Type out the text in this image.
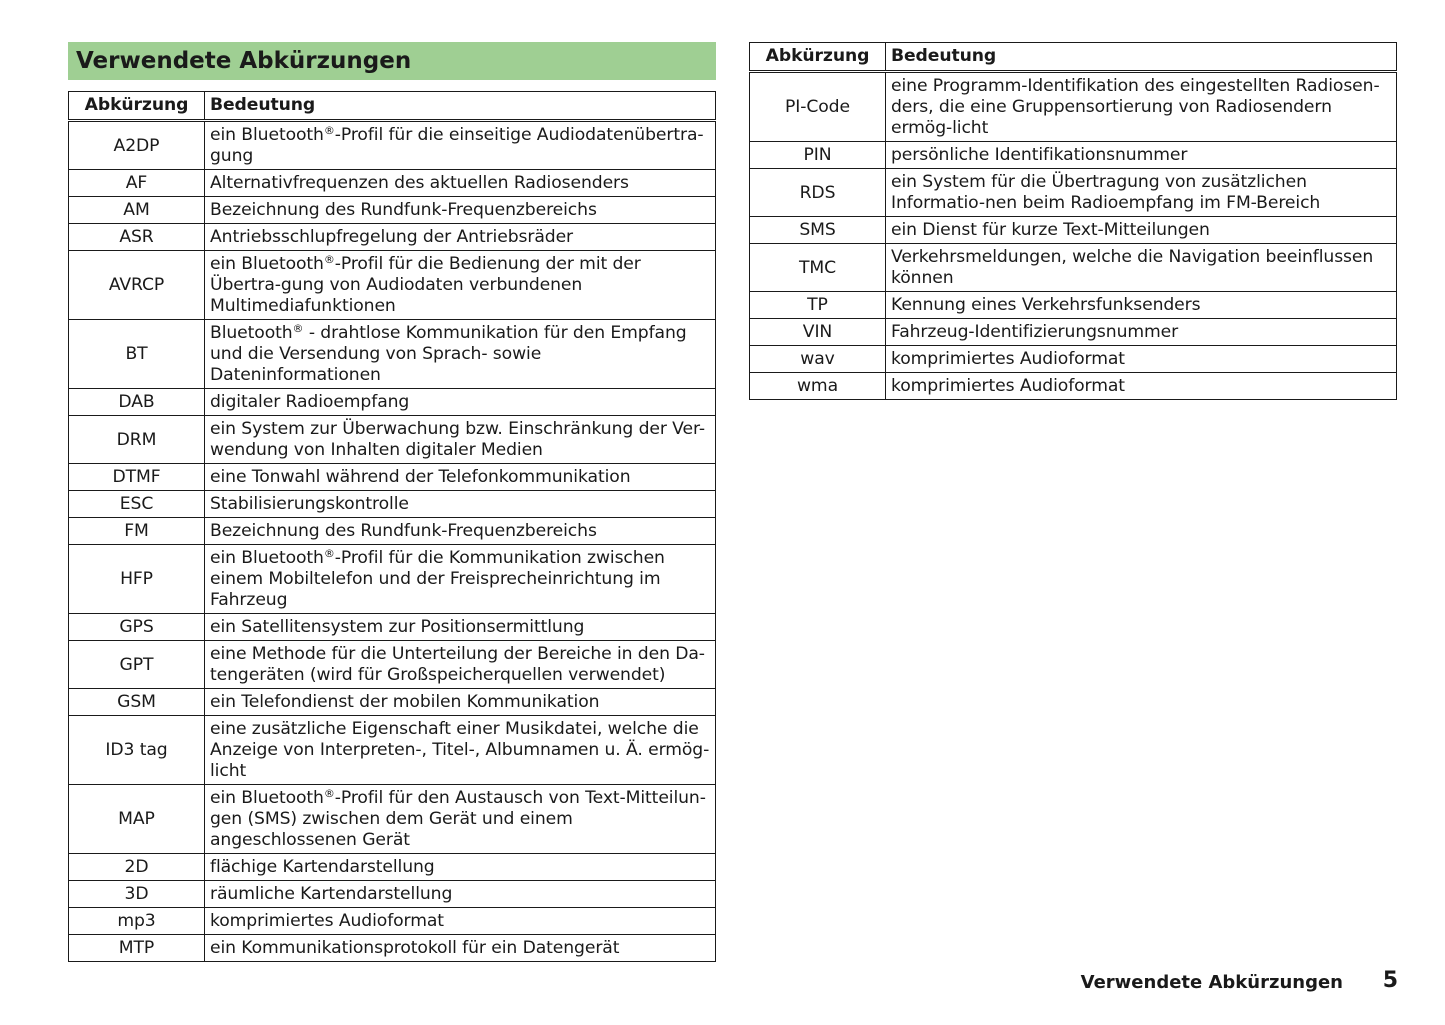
Verwendete Abkürzungen
Abkürzung	Bedeutung
A2DP	ein Bluetooth®-Profil für die einseitige Audiodatenübertra-gung
AF	Alternativfrequenzen des aktuellen Radiosenders
AM	Bezeichnung des Rundfunk-Frequenzbereichs
ASR	Antriebsschlupfregelung der Antriebsräder
AVRCP	ein Bluetooth®-Profil für die Bedienung der mit der Übertra-gung von Audiodaten verbundenen Multimediafunktionen
BT	Bluetooth® - drahtlose Kommunikation für den Empfang und die Versendung von Sprach- sowie Dateninformationen
DAB	digitaler Radioempfang
DRM	ein System zur Überwachung bzw. Einschränkung der Ver-wendung von Inhalten digitaler Medien
DTMF	eine Tonwahl während der Telefonkommunikation
ESC	Stabilisierungskontrolle
FM	Bezeichnung des Rundfunk-Frequenzbereichs
HFP	ein Bluetooth®-Profil für die Kommunikation zwischen einem Mobiltelefon und der Freisprecheinrichtung im Fahrzeug
GPS	ein Satellitensystem zur Positionsermittlung
GPT	eine Methode für die Unterteilung der Bereiche in den Da-tengeräten (wird für Großspeicherquellen verwendet)
GSM	ein Telefondienst der mobilen Kommunikation
ID3 tag	eine zusätzliche Eigenschaft einer Musikdatei, welche die Anzeige von Interpreten-, Titel-, Albumnamen u. Ä. ermög-licht
MAP	ein Bluetooth®-Profil für den Austausch von Text-Mitteilun-gen (SMS) zwischen dem Gerät und einem angeschlossenen Gerät
2D	flächige Kartendarstellung
3D	räumliche Kartendarstellung
mp3	komprimiertes Audioformat
MTP	ein Kommunikationsprotokoll für ein Datengerät
Abkürzung	Bedeutung
PI-Code	eine Programm-Identifikation des eingestellten Radiosen-ders, die eine Gruppensortierung von Radiosendern ermög-licht
PIN	persönliche Identifikationsnummer
RDS	ein System für die Übertragung von zusätzlichen Informatio-nen beim Radioempfang im FM-Bereich
SMS	ein Dienst für kurze Text-Mitteilungen
TMC	Verkehrsmeldungen, welche die Navigation beeinflussen können
TP	Kennung eines Verkehrsfunksenders
VIN	Fahrzeug-Identifizierungsnummer
wav	komprimiertes Audioformat
wma	komprimiertes Audioformat
Verwendete Abkürzungen 5
